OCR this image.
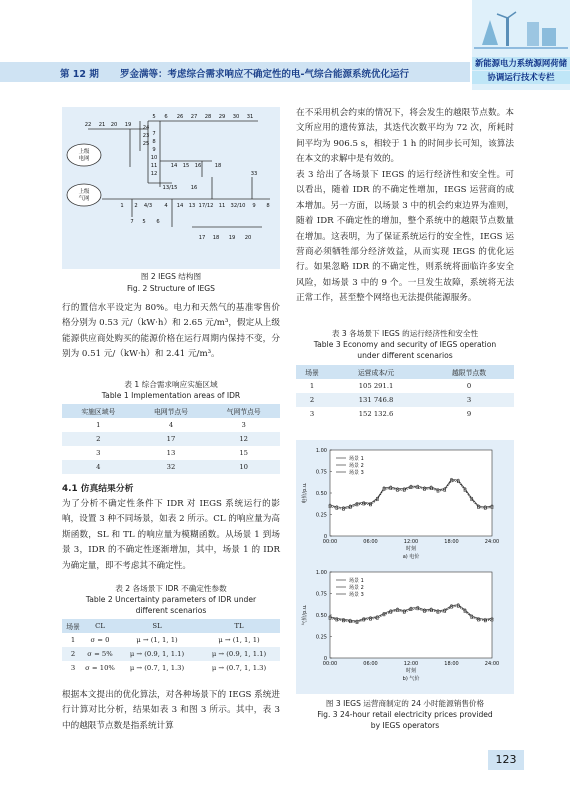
第 12 期 罗金满等：考虑综合需求响应不确定性的电-气综合能源系统优化运行
新能源电力系统源网荷储
协调运行技术专栏
上级
电网
上级
气网
22 21 20 19
5 6 26 27 28 29 30 31
24
23
25
7
8
9
10
11
12
14 15 16	18
13/15	16
33
1 2 4/3 4 14 13 17/12 11 32/10 9 8
7 5 6
17 18 19 20
图 2 IEGS 结构图
Fig. 2 Structure of IEGS
行的置信水平设定为 80%。电力和天然气的基准零售价格分别为 0.53 元/（kW·h）和 2.65 元/m³，假定从上级能源供应商处购买的能源价格在运行周期内保持不变，分别为 0.51 元/（kW·h）和 2.41 元/m³。
表 1 综合需求响应实施区域
Table 1 Implementation areas of IDR
实施区域号	电网节点号	气网节点号
1	4	3
2	17	12
3	13	15
4	32	10
4.1 仿真结果分析
为了分析不确定性条件下 IDR 对 IEGS 系统运行的影响，设置 3 种不同场景，如表 2 所示。CL 的响应量为高斯函数，SL 和 TL 的响应量为模糊函数。从场景 1 到场景 3，IDR 的不确定性逐渐增加，其中，场景 1 的 IDR 为确定量，即不考虑其不确定性。
表 2 各场景下 IDR 不确定性参数
Table 2 Uncertainty parameters of IDR under
different scenarios
场景	CL	SL	TL
1	σ = 0	μ → (1, 1, 1)	μ → (1, 1, 1)
2	σ = 5%	μ → (0.9, 1, 1.1)	μ → (0.9, 1, 1.1)
3	σ = 10%	μ → (0.7, 1, 1.3)	μ → (0.7, 1, 1.3)
根据本文提出的优化算法，对各种场景下的 IEGS 系统进行计算对比分析，结果如表 3 和图 3 所示。其中，表 3 中的越限节点数是指系统计算
在不采用机会约束的情况下，将会发生的越限节点数。本文所应用的遗传算法，其迭代次数平均为 72 次，所耗时间平均为 906.5 s，相较于 1 h 的时间步长可知，该算法在本文的求解中是有效的。
表 3 给出了各场景下 IEGS 的运行经济性和安全性。可以看出，随着 IDR 的不确定性增加，IEGS 运营商的成本增加。另一方面，以场景 3 中的机会约束边界为准则，随着 IDR 不确定性的增加，整个系统中的越限节点数量在增加。这表明，为了保证系统运行的安全性，IEGS 运营商必须牺牲部分经济效益，从而实现 IEGS 的优化运行。如果忽略 IDR 的不确定性，则系统将面临许多安全风险，如场景 3 中的 9 个。一旦发生故障，系统将无法正常工作，甚至整个网络也无法提供能源服务。
表 3 各场景下 IEGS 的运行经济性和安全性
Table 3 Economy and security of IEGS operation
under different scenarios
场景	运营成本/元	越限节点数
1	105 291.1	0
2	131 746.8	3
3	152 132.6	9
0
0.25
0.50
0.75
1.00
00:00	06:00	12:00	18:00	24:00
时刻
a) 电价
电价/p.u.
场景 1
场景 2
场景 3
0
0.25
0.50
0.75
1.00
00:00	06:00	12:00	18:00	24:00
时刻
b) 气价
气价/p.u.
场景 1
场景 2
场景 3
图 3 IEGS 运营商制定的 24 小时能源销售价格
Fig. 3 24-hour retail electricity prices provided
by IEGS operators
123
